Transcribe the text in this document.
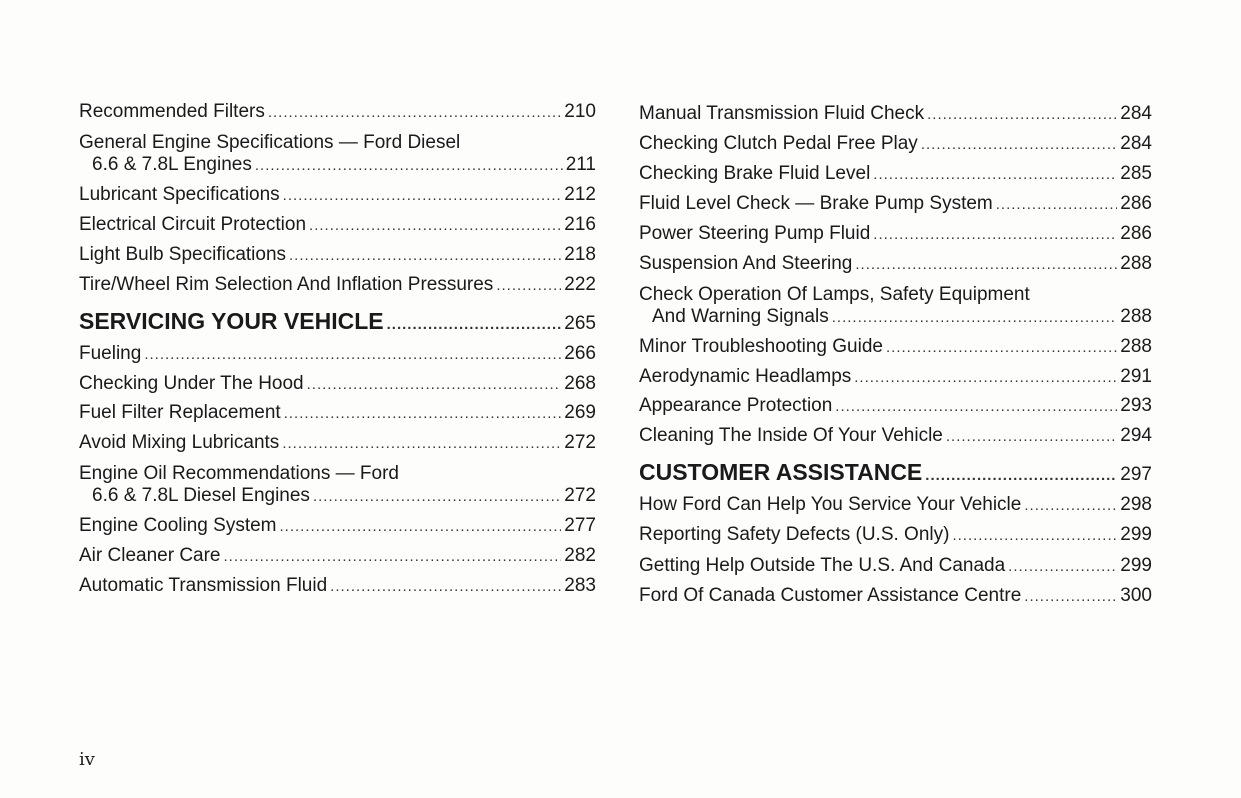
Recommended Filters .....	210
General Engine Specifications — Ford Diesel
6.6 & 7.8L Engines .....	211
Lubricant Specifications .....	212
Electrical Circuit Protection .....	216
Light Bulb Specifications .....	218
Tire/Wheel Rim Selection And Inflation Pressures .....	222
SERVICING YOUR VEHICLE .....	265
Fueling .....	266
Checking Under The Hood .....	268
Fuel Filter Replacement .....	269
Avoid Mixing Lubricants .....	272
Engine Oil Recommendations — Ford
6.6 & 7.8L Diesel Engines .....	272
Engine Cooling System .....	277
Air Cleaner Care .....	282
Automatic Transmission Fluid .....	283
Manual Transmission Fluid Check .....	284
Checking Clutch Pedal Free Play .....	284
Checking Brake Fluid Level .....	285
Fluid Level Check — Brake Pump System .....	286
Power Steering Pump Fluid .....	286
Suspension And Steering .....	288
Check Operation Of Lamps, Safety Equipment
And Warning Signals .....	288
Minor Troubleshooting Guide .....	288
Aerodynamic Headlamps .....	291
Appearance Protection .....	293
Cleaning The Inside Of Your Vehicle .....	294
CUSTOMER ASSISTANCE .....	297
How Ford Can Help You Service Your Vehicle .....	298
Reporting Safety Defects (U.S. Only) .....	299
Getting Help Outside The U.S. And Canada .....	299
Ford Of Canada Customer Assistance Centre .....	300
iv
